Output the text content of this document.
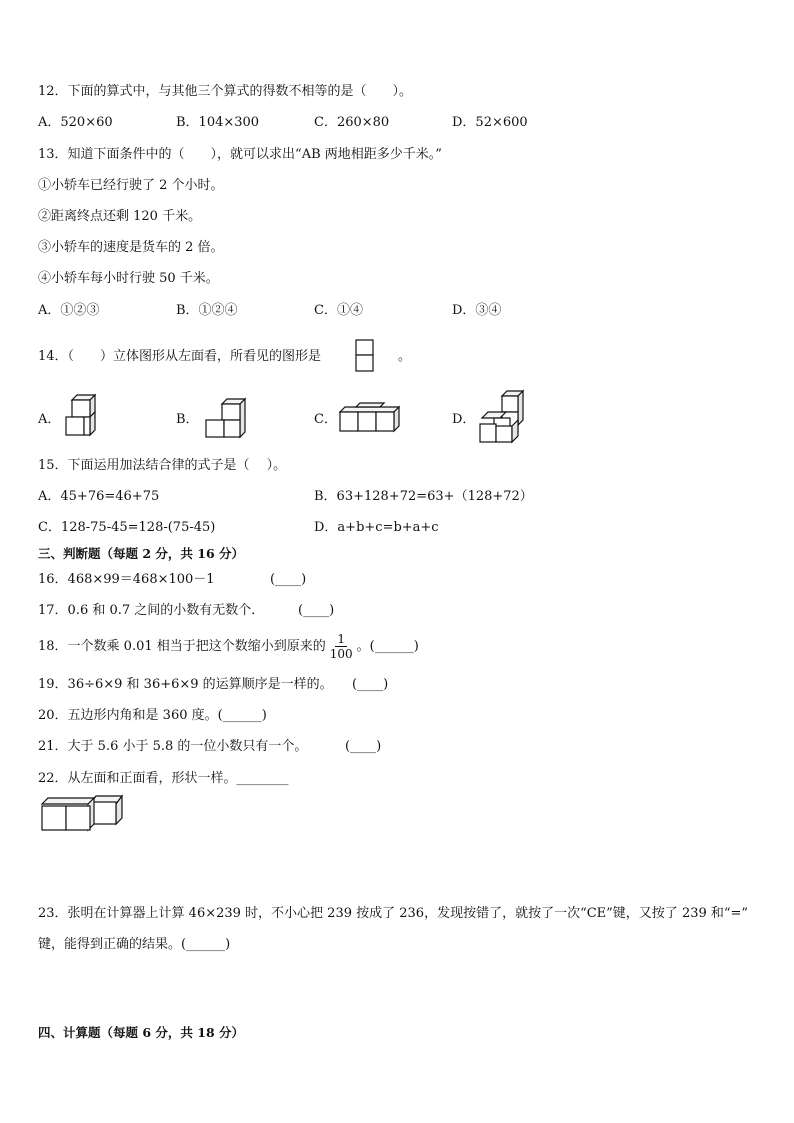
12．下面的算式中，与其他三个算式的得数不相等的是（　　）。
A．520×60	B．104×300	C．260×80	D．52×600
13．知道下面条件中的（　　），就可以求出“AB 两地相距多少千米。”
①小轿车已经行驶了 2 个小时。
②距离终点还剩 120 千米。
③小轿车的速度是货车的 2 倍。
④小轿车每小时行驶 50 千米。
A．①②③	B．①②④	C．①④	D．③④
14．（　　）立体图形从左面看，所看见的图形是	。
A．	B．	C．	D．
15．下面运用加法结合律的式子是（　 ）。
A．45+76=46+75	B．63+128+72=63+（128+72）
C．128-75-45=128-(75-45)	D．a+b+c=b+a+c
三、判断题（每题 2 分，共 16 分）
16．468×99＝468×100－1	(____)
17．0.6 和 0.7 之间的小数有无数个．	(____)
18．一个数乘 0.01 相当于把这个数缩小到原来的 $\frac{1}{100}$ 。(______)
19．36÷6×9 和 36+6×9 的运算顺序是一样的。 (____)
20．五边形内角和是 360 度。(______)
21．大于 5.6 小于 5.8 的一位小数只有一个。	(____)
22．从左面和正面看，形状一样。________
23．张明在计算器上计算 46×239 时，不小心把 239 按成了 236，发现按错了，就按了一次“CE”键，又按了 239 和“=”
键，能得到正确的结果。(______)
四、计算题（每题 6 分，共 18 分）
